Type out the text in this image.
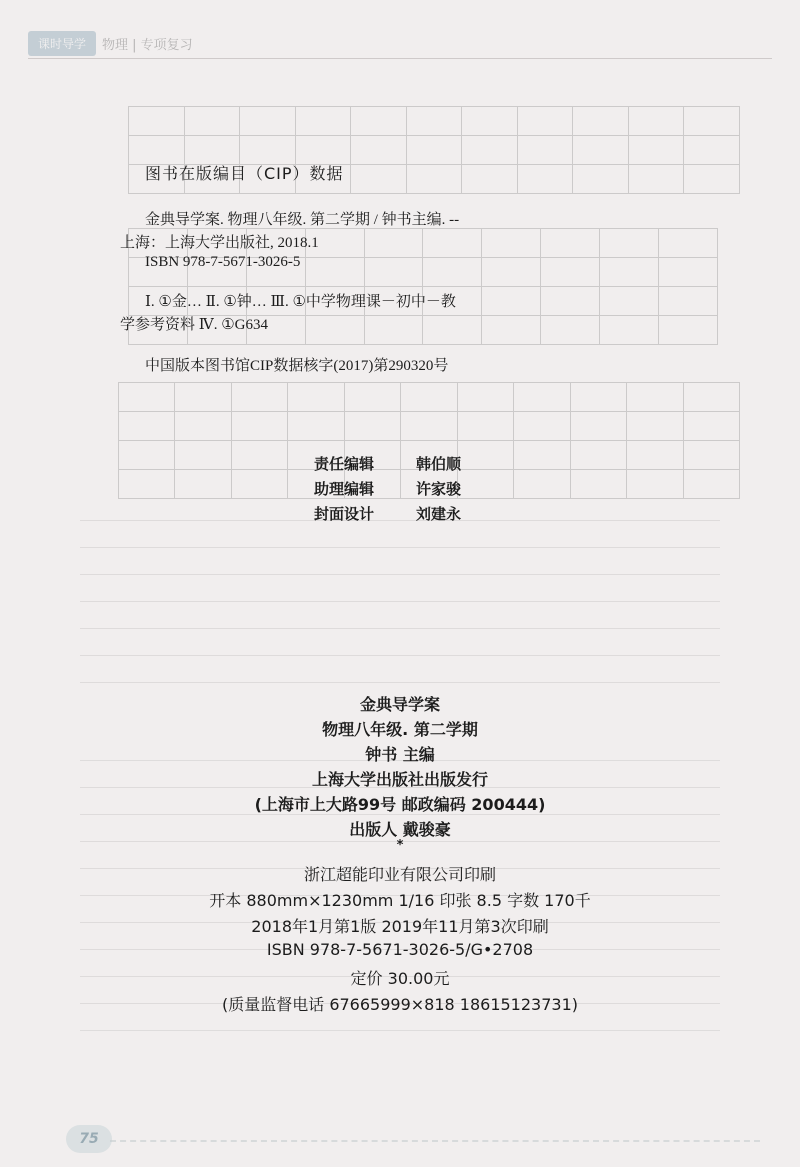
课时导学	物理 | 专项复习

图书在版编目（CIP）数据
金典导学案. 物理八年级. 第二学期 / 钟书主编. --
上海：上海大学出版社, 2018.1
ISBN 978-7-5671-3026-5
Ⅰ. ①金… Ⅱ. ①钟… Ⅲ. ①中学物理课－初中－教
学参考资料 Ⅳ. ①G634
中国版本图书馆CIP数据核字(2017)第290320号
责任编辑	韩伯顺
助理编辑	许家骏
封面设计	刘建永
金典导学案
物理八年级. 第二学期
钟书 主编
上海大学出版社出版发行
(上海市上大路99号 邮政编码 200444)
出版人 戴骏豪
*
浙江超能印业有限公司印刷
开本 880mm×1230mm 1/16 印张 8.5 字数 170千
2018年1月第1版 2019年11月第3次印刷
ISBN 978-7-5671-3026-5/G•2708
定价 30.00元
(质量监督电话 67665999×818 18615123731)
75
